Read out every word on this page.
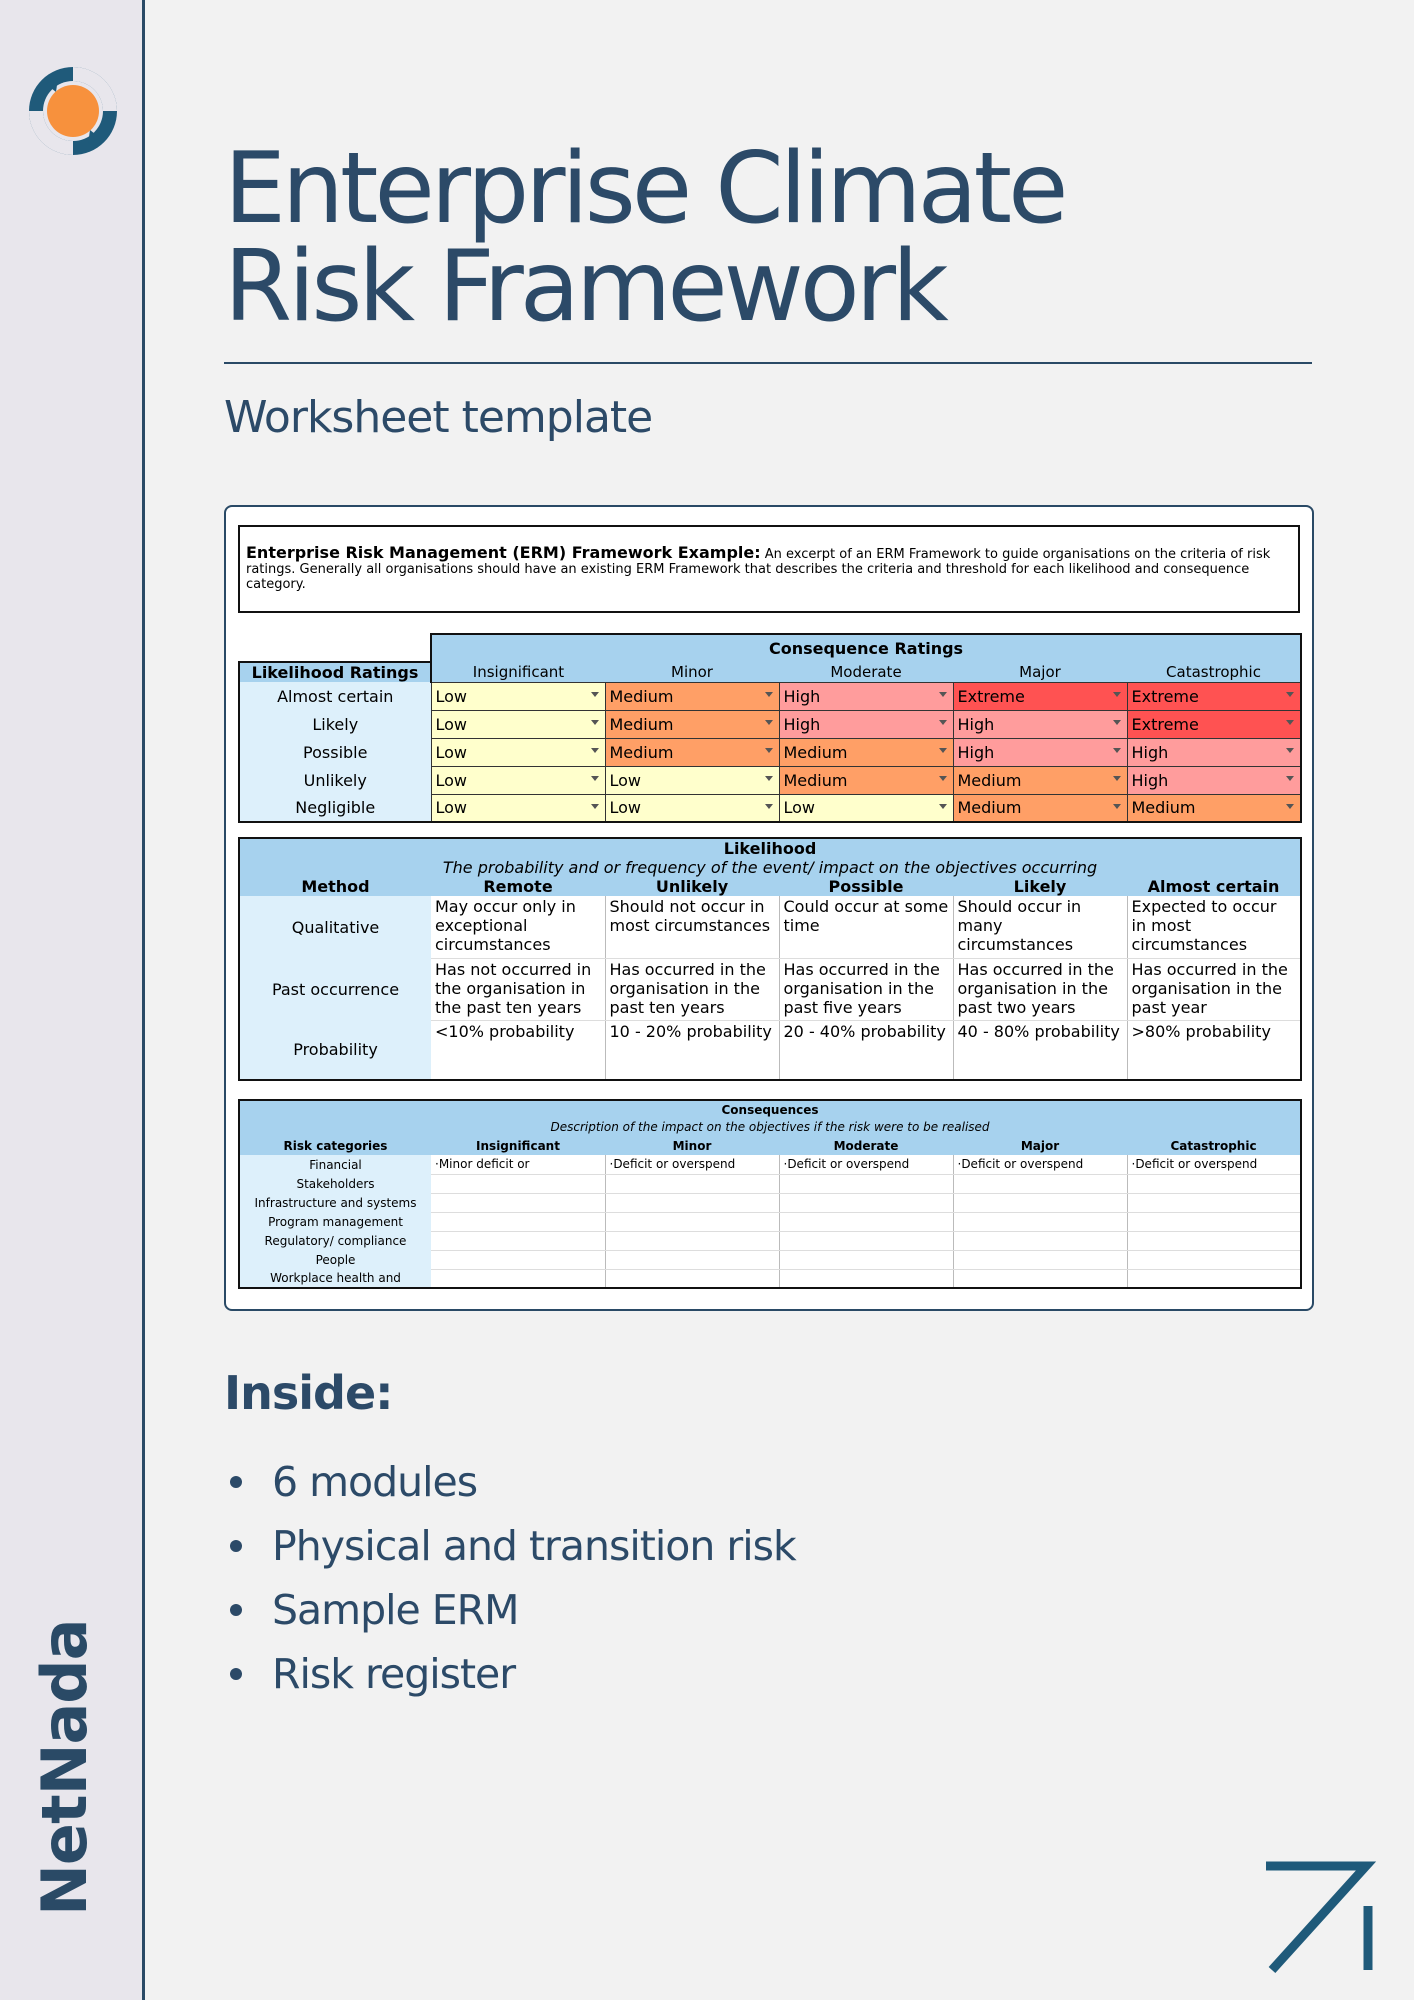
NetNada
Enterprise Climate
Risk Framework
Worksheet template
Enterprise Risk Management (ERM) Framework Example: An excerpt of an ERM Framework to guide organisations on the criteria of risk ratings. Generally all organisations should have an existing ERM Framework that describes the criteria and threshold for each likelihood and consequence category.
	Consequence Ratings				
Likelihood Ratings	Insignificant	Minor	Moderate	Major	Catastrophic
Almost certain	Low	Medium	High	Extreme	Extreme

Likely	Low	Medium	High	High	Extreme

Possible	Low	Medium	Medium	High	High

Unlikely	Low	Low	Medium	Medium	High

Negligible	Low	Low	Low	Medium	Medium
Likelihood					
The probability and or frequency of the event/ impact on the objectives occurring					
Method	Remote	Unlikely	Possible	Likely	Almost certain
Qualitative	May occur only in exceptional circumstances	Should not occur in most circumstances	Could occur at some time	Should occur in many circumstances	Expected to occur in most circumstances
Past occurrence	Has not occurred in the organisation in the past ten years	Has occurred in the organisation in the past ten years	Has occurred in the organisation in the past five years	Has occurred in the organisation in the past two years	Has occurred in the organisation in the past year
Probability	<10% probability	10 - 20% probability	20 - 40% probability	40 - 80% probability	>80% probability
Consequences					
Description of the impact on the objectives if the risk were to be realised					
Risk categories	Insignificant	Minor	Moderate	Major	Catastrophic
Financial	·Minor deficit or	·Deficit or overspend	·Deficit or overspend	·Deficit or overspend	·Deficit or overspend
Stakeholders					
Infrastructure and systems					
Program management					
Regulatory/ compliance					
People					
Workplace health and					
Inside:
6 modules
Physical and transition risk
Sample ERM
Risk register
